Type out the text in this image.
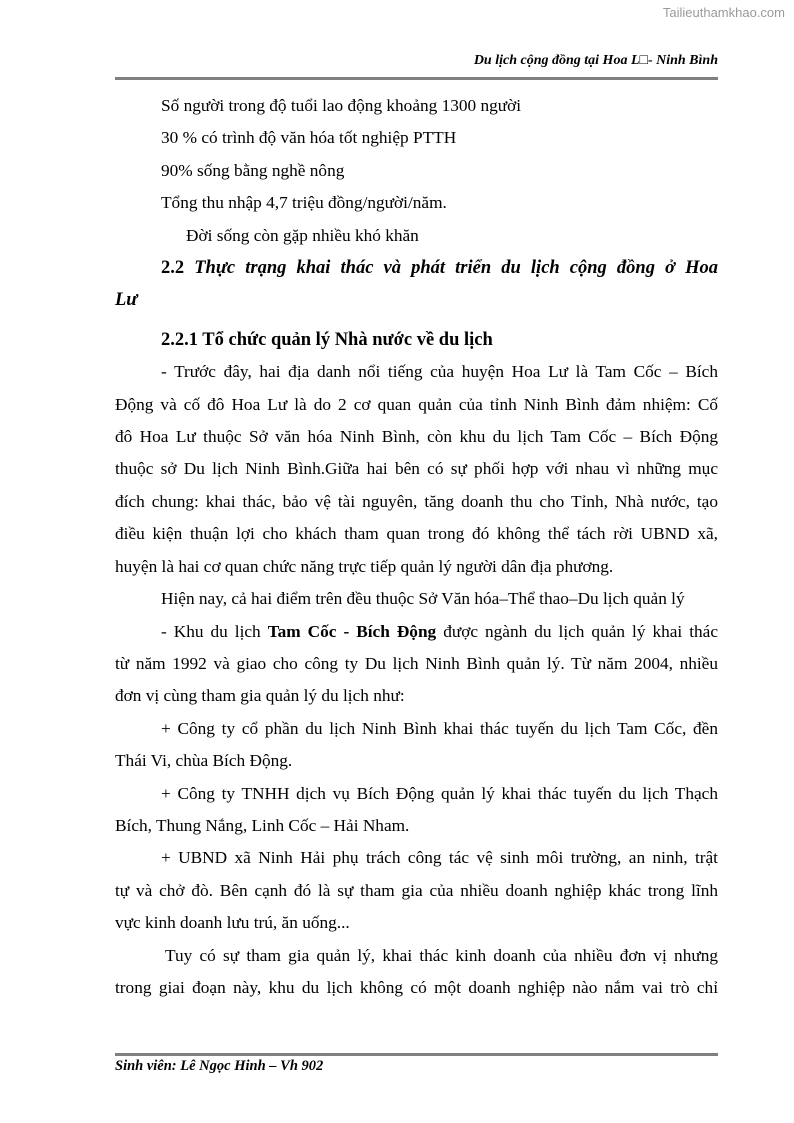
Tailieuthamkhao.com
Du lịch cộng đồng tại Hoa L□- Ninh Bình
Số người trong độ tuổi lao động khoảng 1300 người
30 % có trình độ văn hóa tốt nghiệp PTTH
90% sống bằng nghề nông
Tổng thu nhập 4,7 triệu đồng/người/năm.
Đời sống còn gặp nhiều khó khăn
2.2 Thực trạng khai thác và phát triển du lịch cộng đồng ở Hoa
Lư
2.2.1 Tổ chức quản lý Nhà nước về du lịch
- Trước đây, hai địa danh nổi tiếng của huyện Hoa Lư là Tam Cốc – Bích
Động và cố đô Hoa Lư là do 2 cơ quan quản của tỉnh Ninh Bình đảm nhiệm: Cố
đô Hoa Lư thuộc Sở văn hóa Ninh Bình, còn khu du lịch Tam Cốc – Bích Động
thuộc sở Du lịch Ninh Bình.Giữa hai bên có sự phối hợp với nhau vì những mục
đích chung: khai thác, bảo vệ tài nguyên, tăng doanh thu cho Tỉnh, Nhà nước, tạo
điều kiện thuận lợi cho khách tham quan trong đó không thể tách rời UBND xã,
huyện là hai cơ quan chức năng trực tiếp quản lý người dân địa phương.
Hiện nay, cả hai điểm trên đều thuộc Sở Văn hóa–Thể thao–Du lịch quản lý
- Khu du lịch Tam Cốc - Bích Động được ngành du lịch quản lý khai thác
từ năm 1992 và giao cho công ty Du lịch Ninh Bình quản lý. Từ năm 2004, nhiều
đơn vị cùng tham gia quản lý du lịch như:
+ Công ty cổ phần du lịch Ninh Bình khai thác tuyến du lịch Tam Cốc, đền
Thái Vi, chùa Bích Động.
+ Công ty TNHH dịch vụ Bích Động quản lý khai thác tuyến du lịch Thạch
Bích, Thung Nắng, Linh Cốc – Hải Nham.
+ UBND xã Ninh Hải phụ trách công tác vệ sinh môi trường, an ninh, trật
tự và chở đò. Bên cạnh đó là sự tham gia của nhiều doanh nghiệp khác trong lĩnh
vực kinh doanh lưu trú, ăn uống...
Tuy có sự tham gia quản lý, khai thác kinh doanh của nhiều đơn vị nhưng
trong giai đoạn này, khu du lịch không có một doanh nghiệp nào nắm vai trò chỉ
Sinh viên: Lê Ngọc Hinh – Vh 902
